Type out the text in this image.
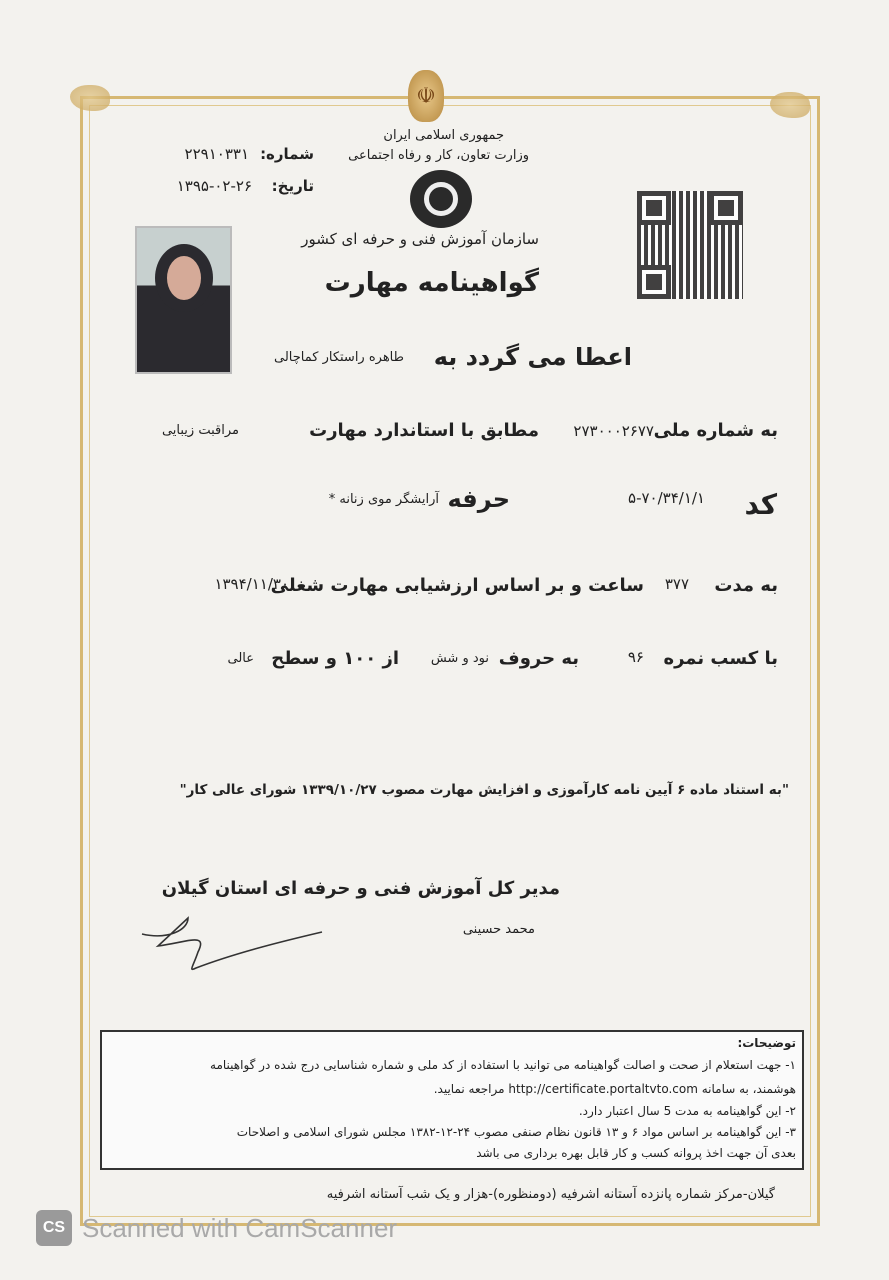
☫
جمهوری اسلامی ایران
وزارت تعاون، کار و رفاه اجتماعی
سازمان آموزش فنی و حرفه ای کشور
شماره:
۲۲۹۱۰۳۳۱
تاریخ:
۱۳۹۵-۰۲-۲۶
گواهینامه مهارت
اعطا می گردد به
طاهره راستکار کماچالی
به شماره ملی
۲۷۳۰۰۰۲۶۷۷
مطابق با استاندارد مهارت
مراقبت زیبایی
کد
۵-۷۰/۳۴/۱/۱
حرفه
آرایشگر موی زنانه *
به مدت
۳۷۷
ساعت و بر اساس ارزشیابی مهارت شغلی
۱۳۹۴/۱۱/۳۰
با کسب نمره
۹۶
به حروف
نود و شش
از ۱۰۰ و سطح
عالی
"به استناد ماده ۶ آیین نامه کارآموزی و افزایش مهارت مصوب ۱۳۳۹/۱۰/۲۷ شورای عالی کار"
مدیر کل آموزش فنی و حرفه ای استان گیلان
محمد حسینی
توضیحات:
۱- جهت استعلام از صحت و اصالت گواهینامه می توانید با استفاده از کد ملی و شماره شناسایی درج شده در گواهینامه
هوشمند، به سامانه http://certificate.portaltvto.com مراجعه نمایید.
۲- این گواهینامه به مدت 5 سال اعتبار دارد.
۳- این گواهینامه بر اساس مواد ۶ و ۱۳ قانون نظام صنفی مصوب ۲۴-۱۲-۱۳۸۲ مجلس شورای اسلامی و اصلاحات
بعدی آن جهت اخذ پروانه کسب و کار قابل بهره برداری می باشد
گیلان-مرکز شماره پانزده آستانه اشرفیه (دومنظوره)-هزار و یک شب آستانه اشرفیه
CS Scanned with CamScanner
